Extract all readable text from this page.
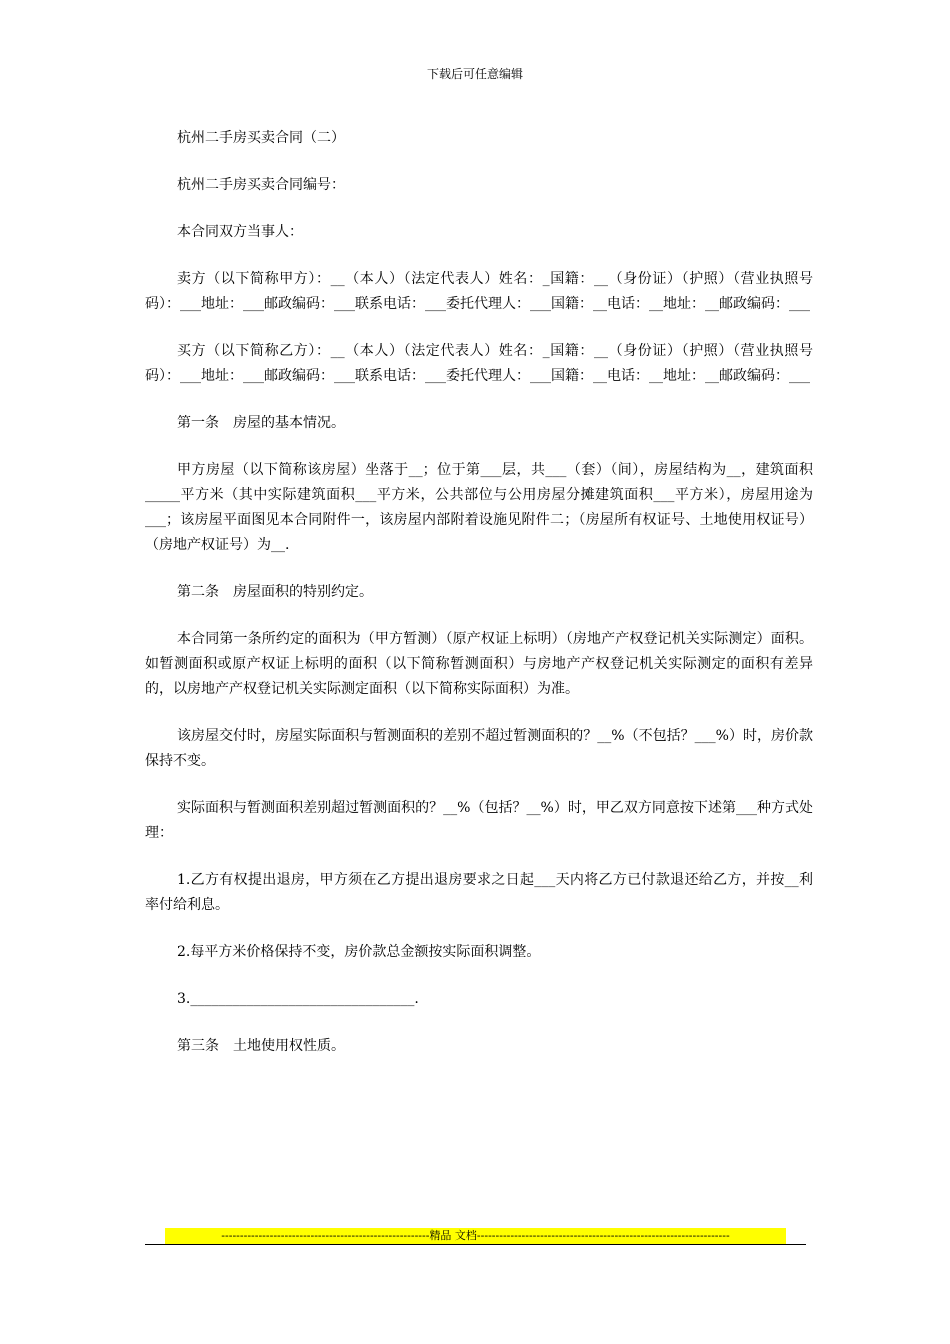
下载后可任意编辑

杭州二手房买卖合同（二）

杭州二手房买卖合同编号：

本合同双方当事人：

卖方（以下简称甲方）：__（本人）（法定代表人）姓名：_国籍：__（身份证）（护照）（营业执照号码）：___地址：___邮政编码：___联系电话：___委托代理人：___国籍：__电话：__地址：__邮政编码：___

买方（以下简称乙方）：__（本人）（法定代表人）姓名：_国籍：__（身份证）（护照）（营业执照号码）：___地址：___邮政编码：___联系电话：___委托代理人：___国籍：__电话：__地址：__邮政编码：___

第一条　房屋的基本情况。

甲方房屋（以下简称该房屋）坐落于__；位于第___层，共___（套）（间），房屋结构为__，建筑面积_____平方米（其中实际建筑面积___平方米，公共部位与公用房屋分摊建筑面积___平方米），房屋用途为___；该房屋平面图见本合同附件一，该房屋内部附着设施见附件二；（房屋所有权证号、土地使用权证号）（房地产权证号）为__.

第二条　房屋面积的特别约定。

本合同第一条所约定的面积为（甲方暂测）（原产权证上标明）（房地产产权登记机关实际测定）面积。如暂测面积或原产权证上标明的面积（以下简称暂测面积）与房地产产权登记机关实际测定的面积有差异的，以房地产产权登记机关实际测定面积（以下简称实际面积）为准。

该房屋交付时，房屋实际面积与暂测面积的差别不超过暂测面积的？__%（不包括？___%）时，房价款保持不变。

实际面积与暂测面积差别超过暂测面积的？__%（包括？__%）时，甲乙双方同意按下述第___种方式处理：

1.乙方有权提出退房，甲方须在乙方提出退房要求之日起___天内将乙方已付款退还给乙方，并按__利率付给利息。

2.每平方米价格保持不变，房价款总金额按实际面积调整。

3.________________________________.

第三条　土地使用权性质。

--------------------------------------------------------精品 文档--------------------------------------------------------------------
